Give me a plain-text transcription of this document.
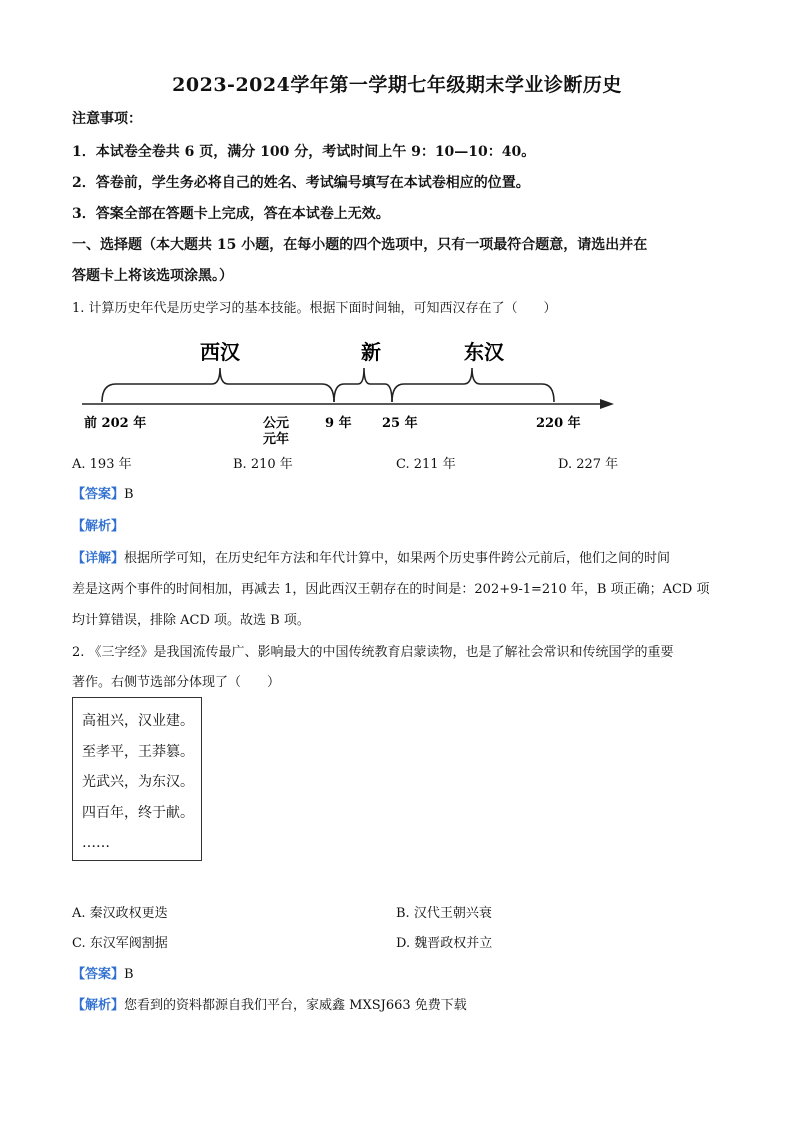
2023-2024学年第一学期七年级期末学业诊断历史
注意事项：
1．本试卷全卷共 6 页，满分 100 分，考试时间上午 9：10—10：40。
2．答卷前，学生务必将自己的姓名、考试编号填写在本试卷相应的位置。
3．答案全部在答题卡上完成，答在本试卷上无效。
一、选择题（本大题共 15 小题，在每小题的四个选项中，只有一项最符合题意，请选出并在
答题卡上将该选项涂黑。）
1. 计算历史年代是历史学习的基本技能。根据下面时间轴，可知西汉存在了（　　）
西汉	新	东汉
前 202 年	公元
元年
9 年 25 年	220 年
A. 193 年	B. 210 年	C. 211 年	D. 227 年
【答案】B
【解析】
【详解】根据所学可知，在历史纪年方法和年代计算中，如果两个历史事件跨公元前后，他们之间的时间
差是这两个事件的时间相加，再减去 1，因此西汉王朝存在的时间是：202+9-1=210 年，B 项正确；ACD 项
均计算错误，排除 ACD 项。故选 B 项。
2. 《三字经》是我国流传最广、影响最大的中国传统教育启蒙读物，也是了解社会常识和传统国学的重要
著作。右侧节选部分体现了（　　）
高祖兴，汉业建。
至孝平，王莽篡。
光武兴，为东汉。
四百年，终于献。
……
A. 秦汉政权更迭	B. 汉代王朝兴衰
C. 东汉军阀割据	D. 魏晋政权并立
【答案】B
【解析】您看到的资料都源自我们平台，家威鑫 MXSJ663 免费下载
